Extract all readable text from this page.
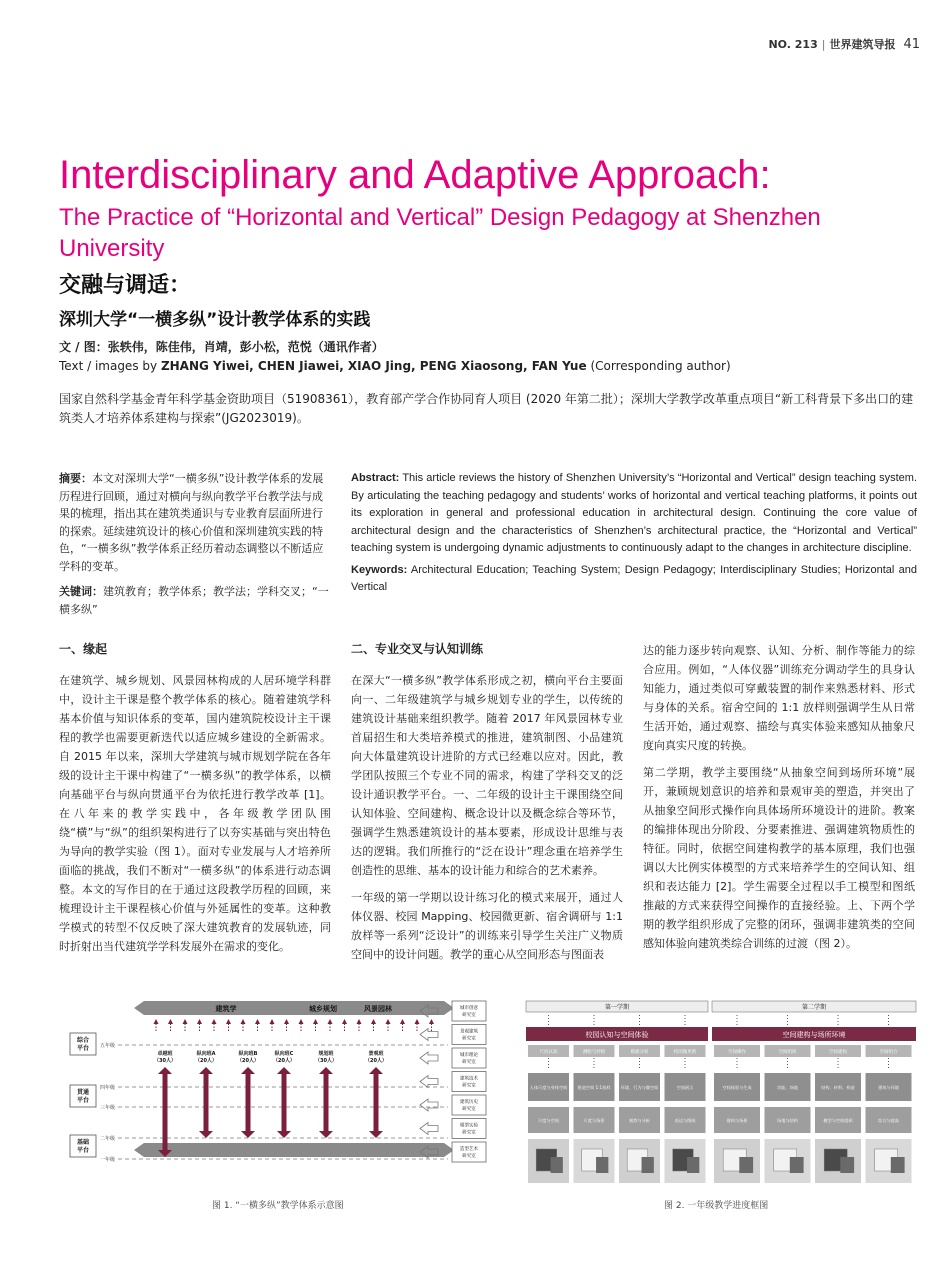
NO. 213 | 世界建筑导报 41
Interdisciplinary and Adaptive Approach:
The Practice of “Horizontal and Vertical” Design Pedagogy at Shenzhen University
交融与调适：
深圳大学“一横多纵”设计教学体系的实践
文 / 图：张轶伟，陈佳伟，肖靖，彭小松，范悦（通讯作者）
Text / images by ZHANG Yiwei, CHEN Jiawei, XIAO Jing, PENG Xiaosong, FAN Yue (Corresponding author)
国家自然科学基金青年科学基金资助项目（51908361），教育部产学合作协同育人项目 (2020 年第二批）；深圳大学教学改革重点项目“新工科背景下多出口的建筑类人才培养体系建构与探索”(JG2023019)。

摘要：本文对深圳大学“一横多纵”设计教学体系的发展历程进行回顾，通过对横向与纵向教学平台教学法与成果的梳理，指出其在建筑类通识与专业教育层面所进行的探索。延续建筑设计的核心价值和深圳建筑实践的特色，“一横多纵”教学体系正经历着动态调整以不断适应学科的变革。

关键词：建筑教育；教学体系；教学法；学科交叉；“一横多纵”

Abstract: This article reviews the history of Shenzhen University’s “Horizontal and Vertical” design teaching system. By articulating the teaching pedagogy and students’ works of horizontal and vertical teaching platforms, it points out its exploration in general and professional education in architectural design. Continuing the core value of architectural design and the characteristics of Shenzhen’s architectural practice, the “Horizontal and Vertical” teaching system is undergoing dynamic adjustments to continuously adapt to the changes in architecture discipline.

Keywords: Architectural Education; Teaching System; Design Pedagogy; Interdisciplinary Studies; Horizontal and Vertical

一、缘起

在建筑学、城乡规划、风景园林构成的人居环境学科群中，设计主干课是整个教学体系的核心。随着建筑学科基本价值与知识体系的变革，国内建筑院校设计主干课程的教学也需要更新迭代以适应城乡建设的全新需求。自 2015 年以来，深圳大学建筑与城市规划学院在各年级的设计主干课中构建了“一横多纵”的教学体系，以横向基础平台与纵向贯通平台为依托进行教学改革 [1]。在八年来的教学实践中，各年级教学团队围绕“横”与“纵”的组织架构进行了以夯实基础与突出特色为导向的教学实验（图 1）。面对专业发展与人才培养所面临的挑战，我们不断对“一横多纵”的体系进行动态调整。本文的写作目的在于通过这段教学历程的回顾，来梳理设计主干课程核心价值与外延属性的变革。这种教学模式的转型不仅反映了深大建筑教育的发展轨迹，同时折射出当代建筑学学科发展外在需求的变化。

二、专业交叉与认知训练

在深大“一横多纵”教学体系形成之初，横向平台主要面向一、二年级建筑学与城乡规划专业的学生，以传统的建筑设计基础来组织教学。随着 2017 年风景园林专业首届招生和大类培养模式的推进，建筑制图、小品建筑向大体量建筑设计进阶的方式已经难以应对。因此，教学团队按照三个专业不同的需求，构建了学科交叉的泛设计通识教学平台。一、二年级的设计主干课围绕空间认知体验、空间建构、概念设计以及概念综合等环节，强调学生熟悉建筑设计的基本要素，形成设计思维与表达的逻辑。我们所推行的“泛在设计”理念重在培养学生创造性的思维、基本的设计能力和综合的艺术素养。

一年级的第一学期以设计练习化的模式来展开，通过人体仪器、校园 Mapping、校园微更新、宿舍调研与 1:1 放样等一系列“泛设计”的训练来引导学生关注广义物质空间中的设计问题。教学的重心从空间形态与图面表

达的能力逐步转向观察、认知、分析、制作等能力的综合应用。例如，“人体仪器”训练充分调动学生的具身认知能力，通过类似可穿戴装置的制作来熟悉材料、形式与身体的关系。宿舍空间的 1:1 放样则强调学生从日常生活开始，通过观察、描绘与真实体验来感知从抽象尺度向真实尺度的转换。

第二学期，教学主要围绕“从抽象空间到场所环境”展开，兼顾规划意识的培养和景观审美的塑造，并突出了从抽象空间形式操作向具体场所环境设计的进阶。教案的编排体现出分阶段、分要素推进、强调建筑物质性的特征。同时，依据空间建构教学的基本原理，我们也强调以大比例实体模型的方式来培养学生的空间认知、组织和表达能力 [2]。学生需要全过程以手工模型和图纸推敲的方式来获得空间操作的直接经验。上、下两个学期的教学组织形成了完整的闭环，强调非建筑类的空间感知体验向建筑类综合训练的过渡（图 2）。

建筑学	城乡规划	风景园林
综合
平台
贯通
平台
基础
平台
五年级
四年级
三年级
二年级
一年级
卓越班
（30人）
纵向班A
（20人）
纵向班B
（20人）
纵向班C
（20人）
规划班
（30人）
景观班
（20人）
城市创意
研究室
景观建筑
研究室
城市理论
研究室
建筑技术
研究室
建筑历史
研究室
模型实验
研究室
造型艺术
研究室
图 1. “一横多纵”教学体系示意图
第一学期	第二学期
校园认知与空间体验	空间建构与场所环境
尺度认知	测绘与抄绘	模板分析	校园微更新	空间操作	空间组织	空间建构	空间组合
人体尺度与身体空间 建造空间 1:1放样 环境、行为与微空间	空间展示	空间体验与生成	功能、场地	结构、材料、构造	建筑与环境
尺度与空间	尺度与场景	观察与分析	表达与图纸	建构与场景	场地与结构	模型与空间组织	综合与提高
图 2. 一年级教学进度框图
